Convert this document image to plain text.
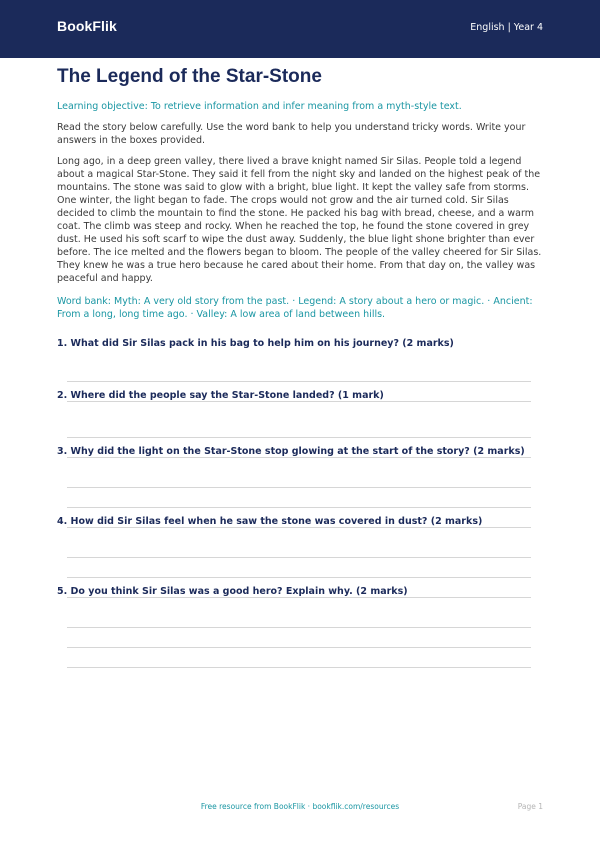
BookFlik	English | Year 4
The Legend of the Star-Stone

Learning objective: To retrieve information and infer meaning from a myth-style text.

Read the story below carefully. Use the word bank to help you understand tricky words. Write your answers in the boxes provided.

Long ago, in a deep green valley, there lived a brave knight named Sir Silas. People told a legend about a magical Star-Stone. They said it fell from the night sky and landed on the highest peak of the mountains. The stone was said to glow with a bright, blue light. It kept the valley safe from storms. One winter, the light began to fade. The crops would not grow and the air turned cold. Sir Silas decided to climb the mountain to find the stone. He packed his bag with bread, cheese, and a warm coat. The climb was steep and rocky. When he reached the top, he found the stone covered in grey dust. He used his soft scarf to wipe the dust away. Suddenly, the blue light shone brighter than ever before. The ice melted and the flowers began to bloom. The people of the valley cheered for Sir Silas. They knew he was a true hero because he cared about their home. From that day on, the valley was peaceful and happy.

Word bank: Myth: A very old story from the past. · Legend: A story about a hero or magic. · Ancient: From a long, long time ago. · Valley: A low area of land between hills.

1. What did Sir Silas pack in his bag to help him on his journey? (2 marks)

2. Where did the people say the Star-Stone landed? (1 mark)

3. Why did the light on the Star-Stone stop glowing at the start of the story? (2 marks)

4. How did Sir Silas feel when he saw the stone was covered in dust? (2 marks)

5. Do you think Sir Silas was a good hero? Explain why. (2 marks)

Free resource from BookFlik · bookflik.com/resources	Page 1
